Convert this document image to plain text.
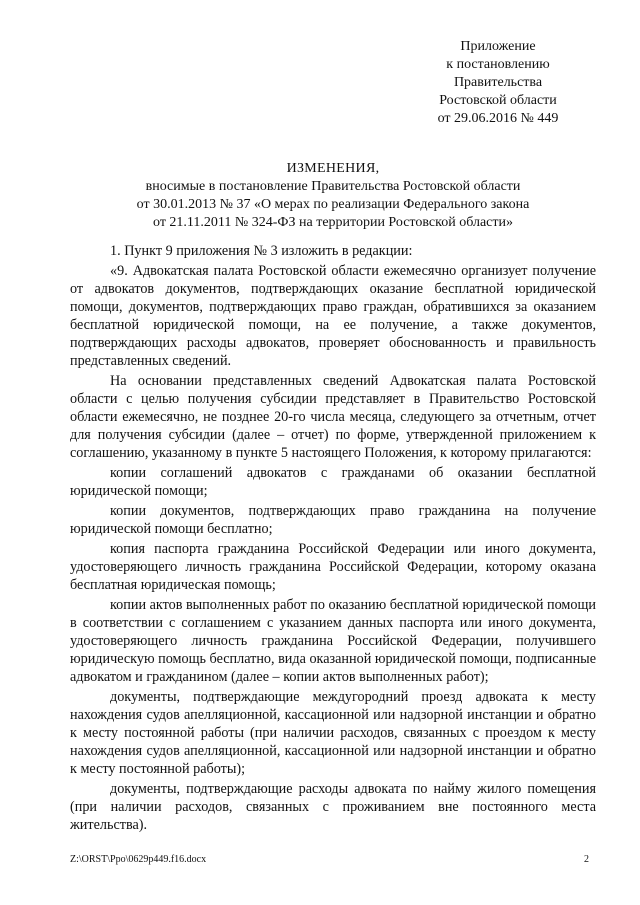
Приложение
к постановлению
Правительства
Ростовской области
от 29.06.2016 № 449
ИЗМЕНЕНИЯ,
вносимые в постановление Правительства Ростовской области
от 30.01.2013 № 37 «О мерах по реализации Федерального закона
от 21.11.2011 № 324-ФЗ на территории Ростовской области»

1. Пункт 9 приложения № 3 изложить в редакции:

«9. Адвокатская палата Ростовской области ежемесячно организует получение от адвокатов документов, подтверждающих оказание бесплатной юридической помощи, документов, подтверждающих право граждан, обратившихся за оказанием бесплатной юридической помощи, на ее получение, а также документов, подтверждающих расходы адвокатов, проверяет обоснованность и правильность представленных сведений.

На основании представленных сведений Адвокатская палата Ростовской области с целью получения субсидии представляет в Правительство Ростовской области ежемесячно, не позднее 20-го числа месяца, следующего за отчетным, отчет для получения субсидии (далее – отчет) по форме, утвержденной приложением к соглашению, указанному в пункте 5 настоящего Положения, к которому прилагаются:

копии соглашений адвокатов с гражданами об оказании бесплатной юридической помощи;

копии документов, подтверждающих право гражданина на получение юридической помощи бесплатно;

копия паспорта гражданина Российской Федерации или иного документа, удостоверяющего личность гражданина Российской Федерации, которому оказана бесплатная юридическая помощь;

копии актов выполненных работ по оказанию бесплатной юридической помощи в соответствии с соглашением с указанием данных паспорта или иного документа, удостоверяющего личность гражданина Российской Федерации, получившего юридическую помощь бесплатно, вида оказанной юридической помощи, подписанные адвокатом и гражданином (далее – копии актов выполненных работ);

документы, подтверждающие междугородний проезд адвоката к месту нахождения судов апелляционной, кассационной или надзорной инстанции и обратно к месту постоянной работы (при наличии расходов, связанных с проездом к месту нахождения судов апелляционной, кассационной или надзорной инстанции и обратно к месту постоянной работы);

документы, подтверждающие расходы адвоката по найму жилого помещения (при наличии расходов, связанных с проживанием вне постоянного места жительства).

Z:\ORST\Ppo\0629p449.f16.docx	2
